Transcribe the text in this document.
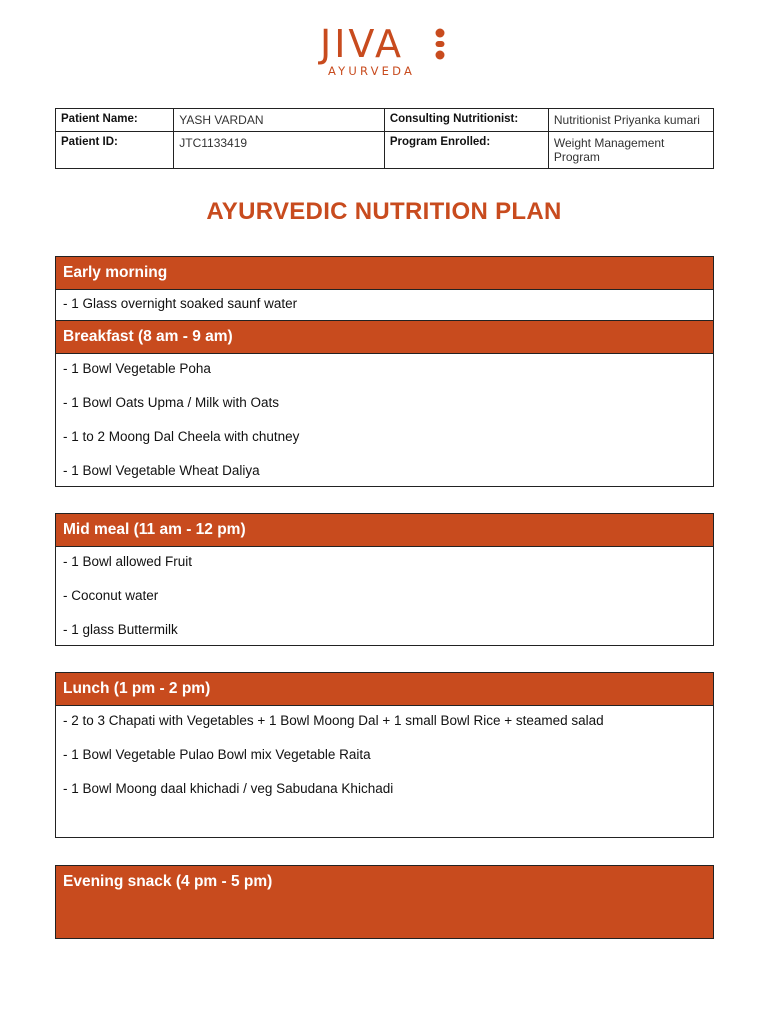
JIVA
AYURVEDA
Patient Name:	YASH VARDAN	Consulting Nutritionist:	Nutritionist Priyanka kumari
Patient ID:	JTC1133419	Program Enrolled:	Weight Management Program
AYURVEDIC NUTRITION PLAN
Early morning
- 1 Glass overnight soaked saunf water
Breakfast (8 am - 9 am)
- 1 Bowl Vegetable Poha
- 1 Bowl Oats Upma / Milk with Oats
- 1 to 2 Moong Dal Cheela with chutney
- 1 Bowl Vegetable Wheat Daliya
Mid meal (11 am - 12 pm)
- 1 Bowl allowed Fruit
- Coconut water
- 1 glass Buttermilk
Lunch (1 pm - 2 pm)
- 2 to 3 Chapati with Vegetables + 1 Bowl Moong Dal + 1 small Bowl Rice + steamed salad
- 1 Bowl Vegetable Pulao Bowl mix Vegetable Raita
- 1 Bowl Moong daal khichadi / veg Sabudana Khichadi
Evening snack (4 pm - 5 pm)
